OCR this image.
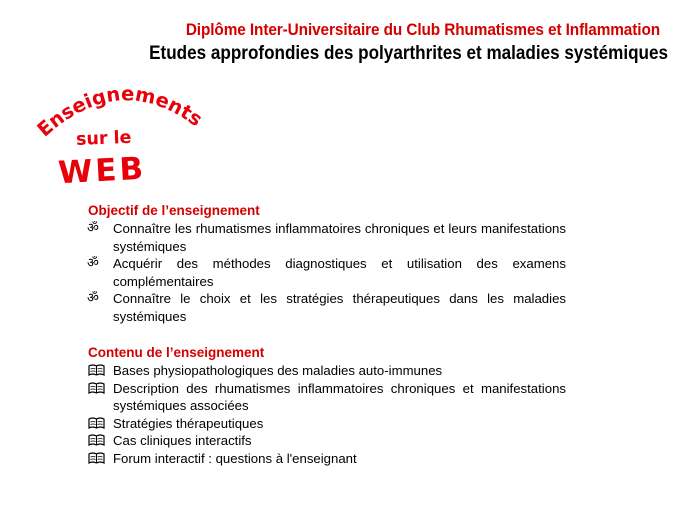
Diplôme Inter-Universitaire du Club Rhumatismes et Inflammation
Etudes approfondies des polyarthrites et maladies systémiques
Enseignements
sur le
WEB
Objectif de l’enseignement
ॐ	Connaître les rhumatismes inflammatoires chroniques et leurs manifestations systémiques
ॐ	Acquérir des méthodes diagnostiques et utilisation des examens complémentaires
ॐ	Connaître le choix et les stratégies thérapeutiques dans les maladies systémiques
Contenu de l’enseignement
Bases physiopathologiques des maladies auto-immunes
Description des rhumatismes inflammatoires chroniques et manifestations systémiques associées
Stratégies thérapeutiques
Cas cliniques interactifs
Forum interactif : questions à l'enseignant
